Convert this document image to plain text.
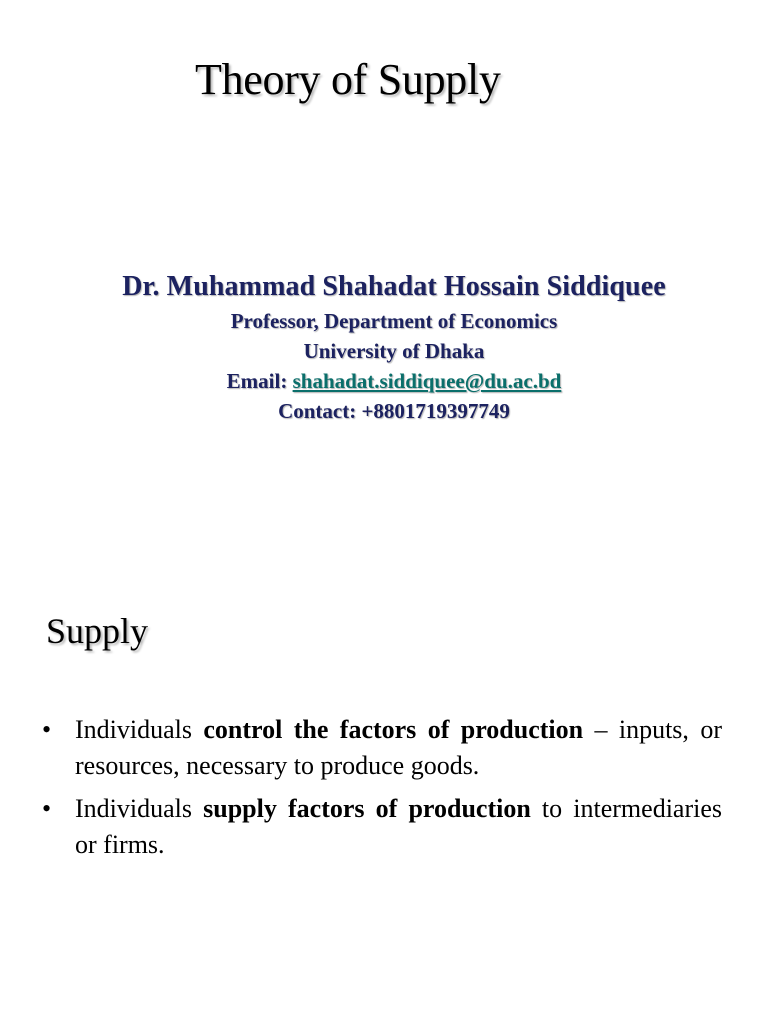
Theory of Supply
Dr. Muhammad Shahadat Hossain Siddiquee
Professor, Department of Economics
University of Dhaka
Email: shahadat.siddiquee@du.ac.bd
Contact: +8801719397749
Supply
• Individuals control the factors of production – inputs, or resources, necessary to produce goods.
• Individuals supply factors of production to intermediaries or firms.
